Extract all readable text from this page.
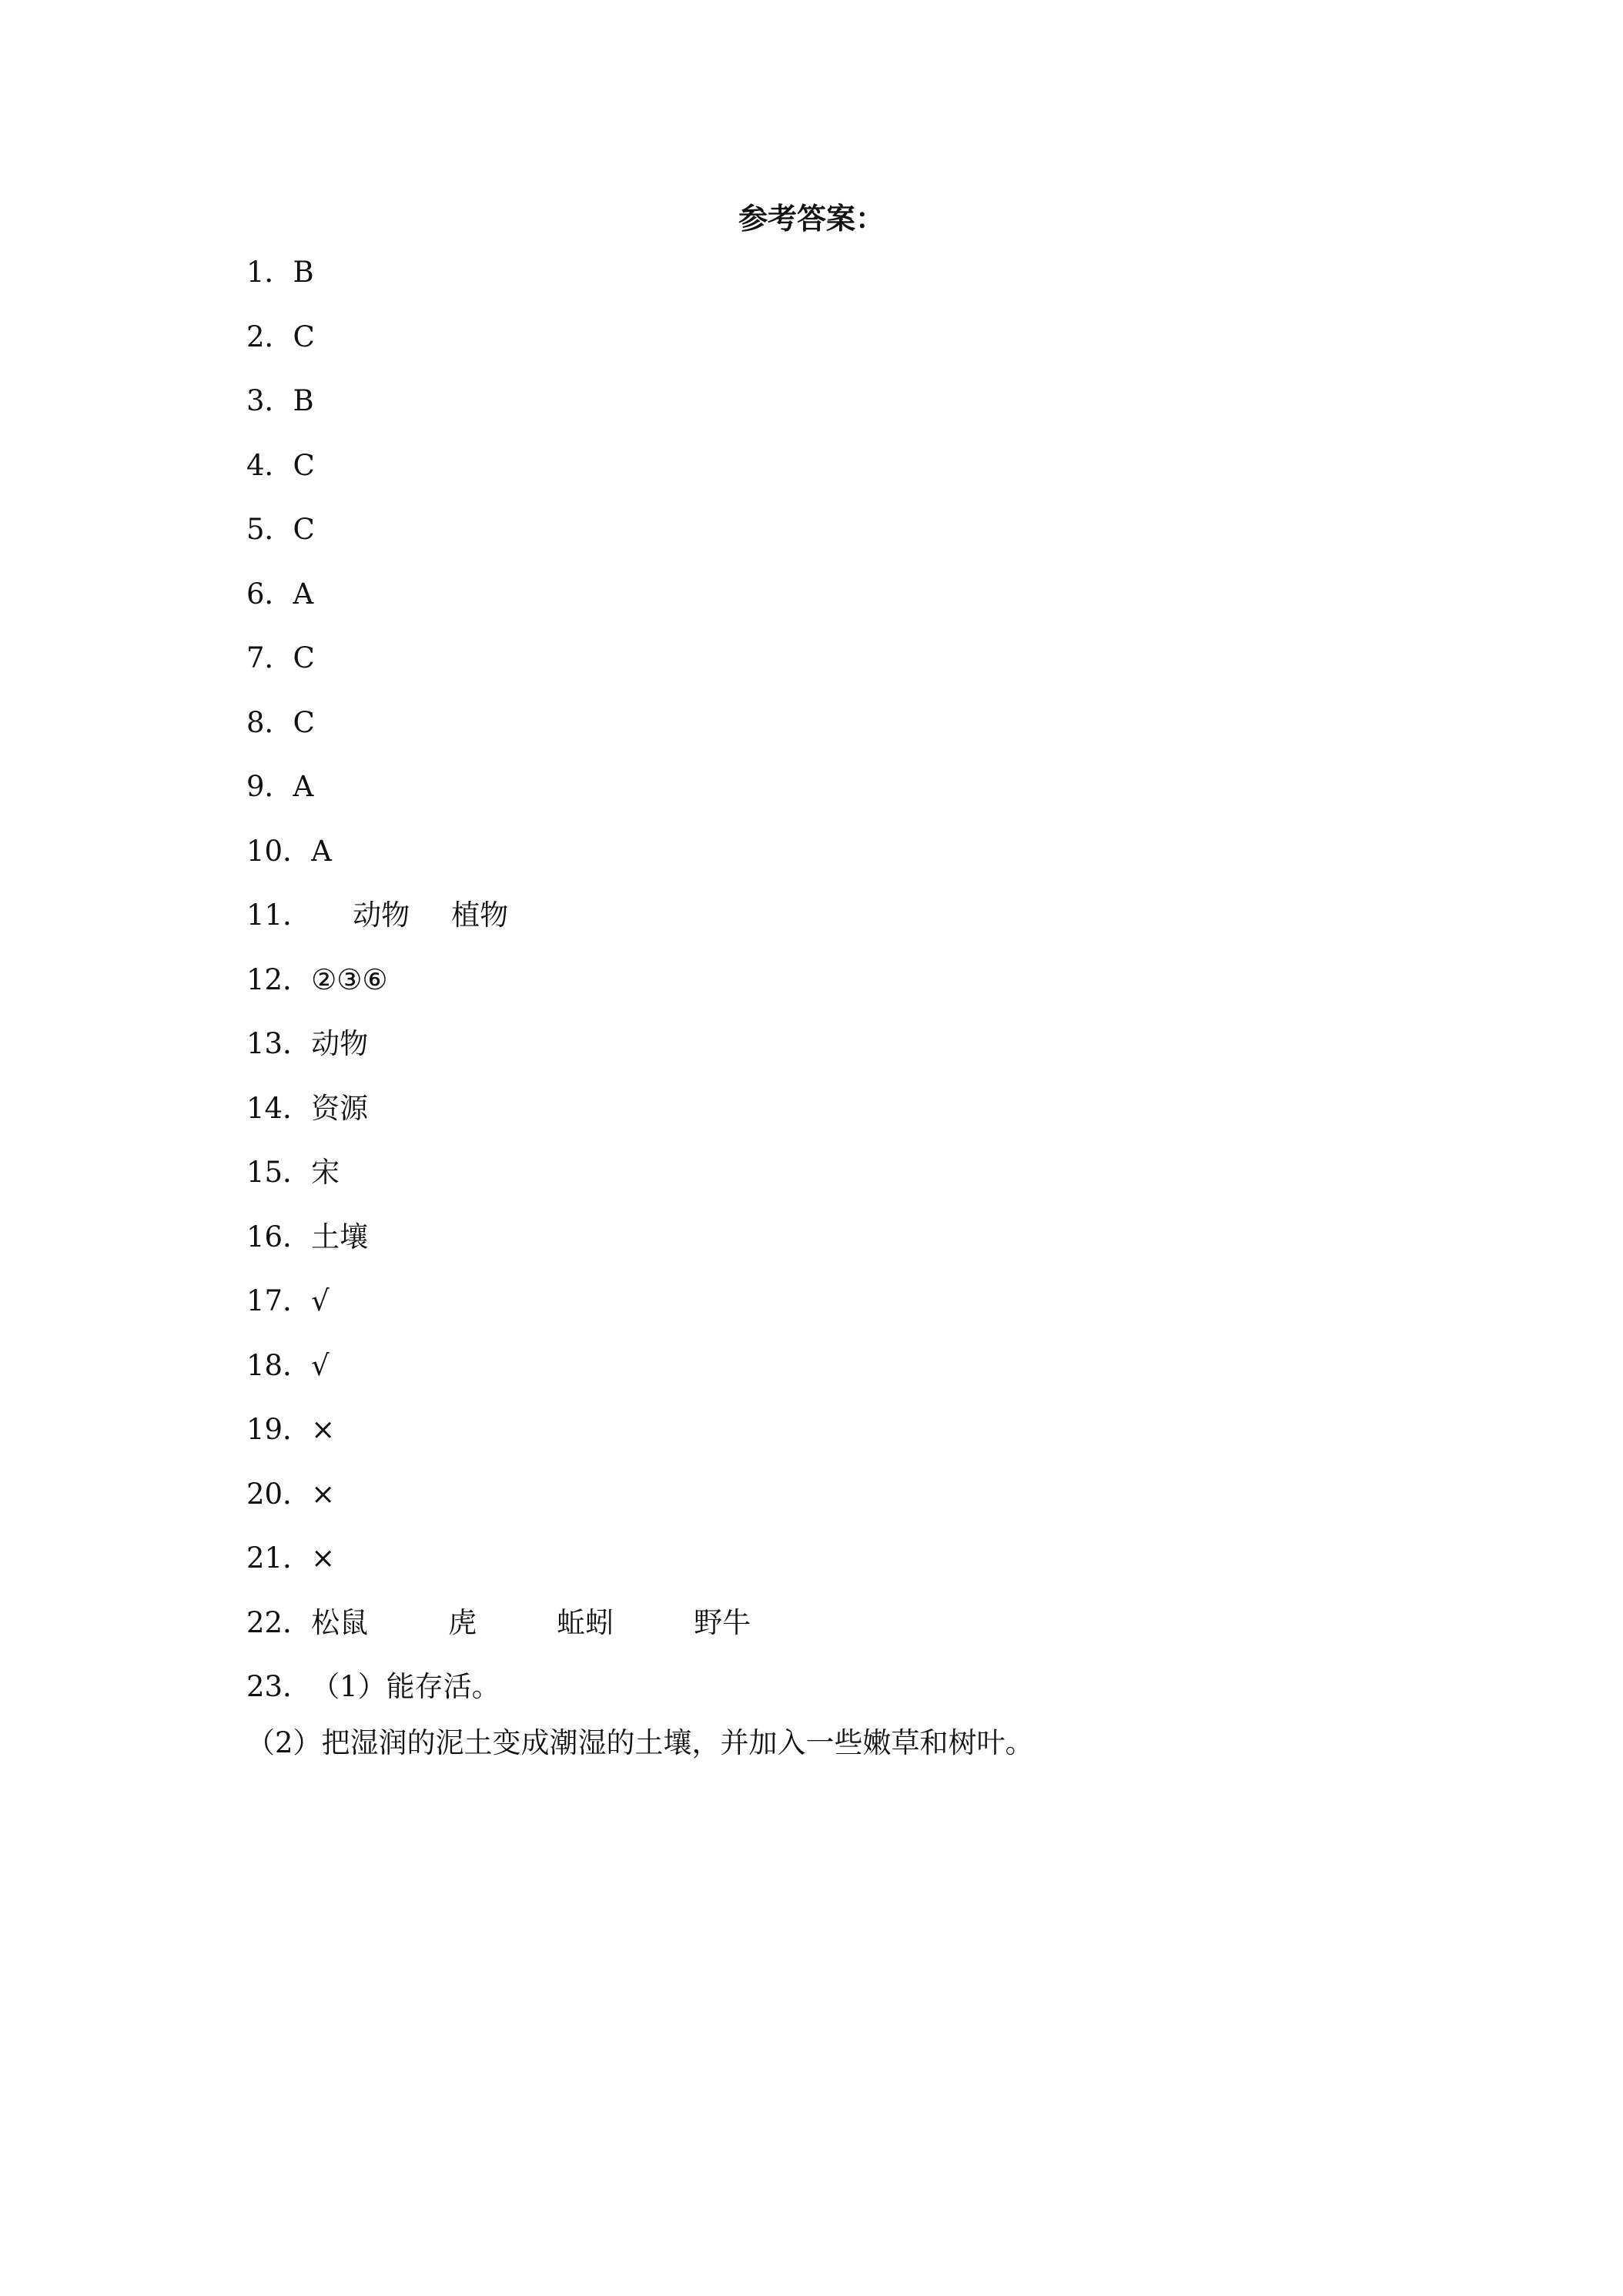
参考答案：
1 ． B
2 ． C
3 ． B
4 ． C
5 ． C
6 ． A
7 ． C
8 ． C
9 ． A
10 ． A
11 ． 动物 植物
12 ． ②③⑥
13 ． 动物
14 ． 资源
15 ． 宋
16 ． 土壤
17 ． √
18 ． √
19 ． ×
20 ． ×
21 ． ×
22 ． 松鼠	虎	蚯蚓	野牛
23 ． （1）能存活。
（2）把湿润的泥土变成潮湿的土壤，并加入一些嫩草和树叶。
